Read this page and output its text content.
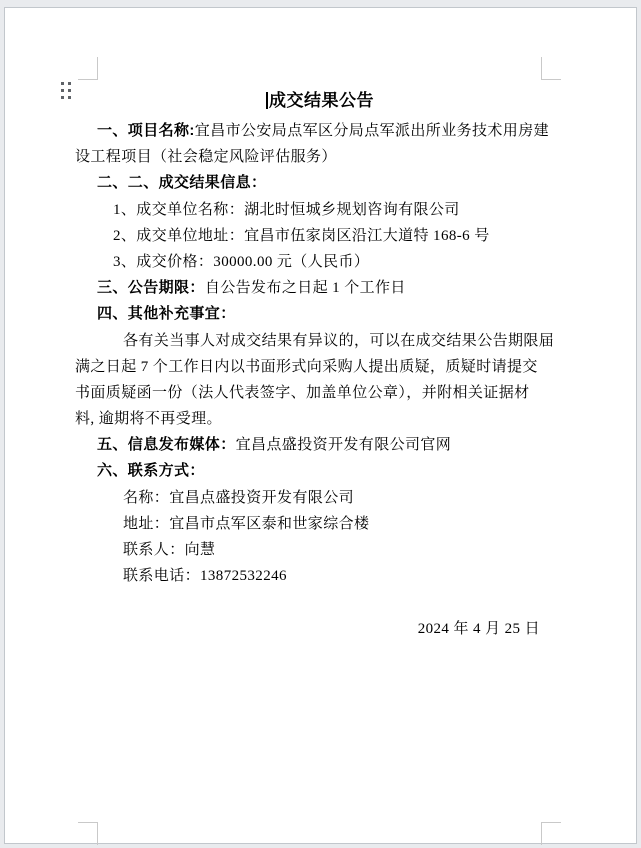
成交结果公告
一、项目名称:宜昌市公安局点军区分局点军派出所业务技术用房建
设工程项目（社会稳定风险评估服务）
二、二、成交结果信息：
1、成交单位名称：湖北时恒城乡规划咨询有限公司
2、成交单位地址：宜昌市伍家岗区沿江大道特 168-6 号
3、成交价格：30000.00 元（人民币）
三、公告期限：自公告发布之日起 1 个工作日
四、其他补充事宜：
各有关当事人对成交结果有异议的，可以在成交结果公告期限届
满之日起 7 个工作日内以书面形式向采购人提出质疑，质疑时请提交
书面质疑函一份（法人代表签字、加盖单位公章），并附相关证据材
料, 逾期将不再受理。
五、信息发布媒体：宜昌点盛投资开发有限公司官网
六、联系方式：
名称：宜昌点盛投资开发有限公司
地址：宜昌市点军区泰和世家综合楼
联系人：向慧
联系电话：13872532246
2024 年 4 月 25 日
